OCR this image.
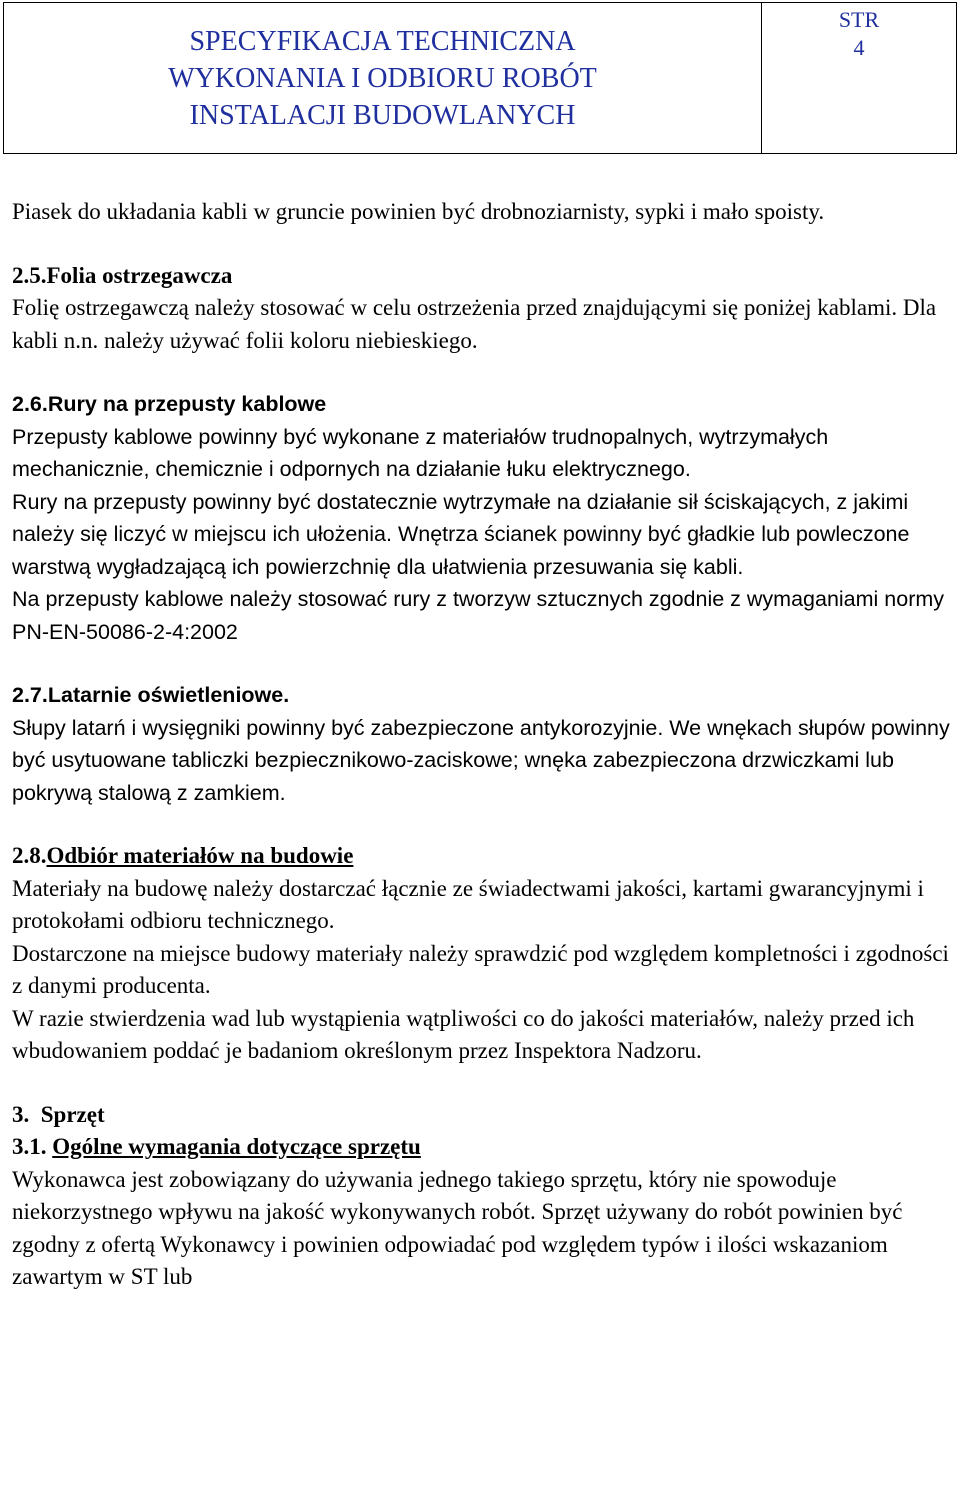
SPECYFIKACJA TECHNICZNA
WYKONANIA I ODBIORU ROBÓT
INSTALACJI BUDOWLANYCH
STR
4

Piasek do układania kabli w gruncie powinien być drobnoziarnisty, sypki i mało spoisty.

2.5.Folia ostrzegawcza

Folię ostrzegawczą należy stosować w celu ostrzeżenia przed znajdującymi się poniżej kablami. Dla kabli n.n. należy używać folii koloru niebieskiego.

2.6.Rury na przepusty kablowe

Przepusty kablowe powinny być wykonane z materiałów trudnopalnych, wytrzymałych mechanicznie, chemicznie i odpornych na działanie łuku elektrycznego.

Rury na przepusty powinny być dostatecznie wytrzymałe na działanie sił ściskających, z jakimi należy się liczyć w miejscu ich ułożenia. Wnętrza ścianek powinny być gładkie lub powleczone warstwą wygładzającą ich powierzchnię dla ułatwienia przesuwania się kabli.

Na przepusty kablowe należy stosować rury z tworzyw sztucznych zgodnie z wymaganiami normy PN-EN-50086-2-4:2002

2.7.Latarnie oświetleniowe.

Słupy latarń i wysięgniki powinny być zabezpieczone antykorozyjnie. We wnękach słupów powinny być usytuowane tabliczki bezpiecznikowo-zaciskowe; wnęka zabezpieczona drzwiczkami lub pokrywą stalową z zamkiem.

2.8.Odbiór materiałów na budowie

Materiały na budowę należy dostarczać łącznie ze świadectwami jakości, kartami gwarancyjnymi i protokołami odbioru technicznego.

Dostarczone na miejsce budowy materiały należy sprawdzić pod względem kompletności i zgodności z danymi producenta.

W razie stwierdzenia wad lub wystąpienia wątpliwości co do jakości materiałów, należy przed ich wbudowaniem poddać je badaniom określonym przez Inspektora Nadzoru.

3.  Sprzęt

3.1. Ogólne wymagania dotyczące sprzętu

Wykonawca jest zobowiązany do używania jednego takiego sprzętu, który nie spowoduje niekorzystnego wpływu na jakość wykonywanych robót. Sprzęt używany do robót powinien być zgodny z ofertą Wykonawcy i powinien odpowiadać pod względem typów i ilości wskazaniom zawartym w ST lub
